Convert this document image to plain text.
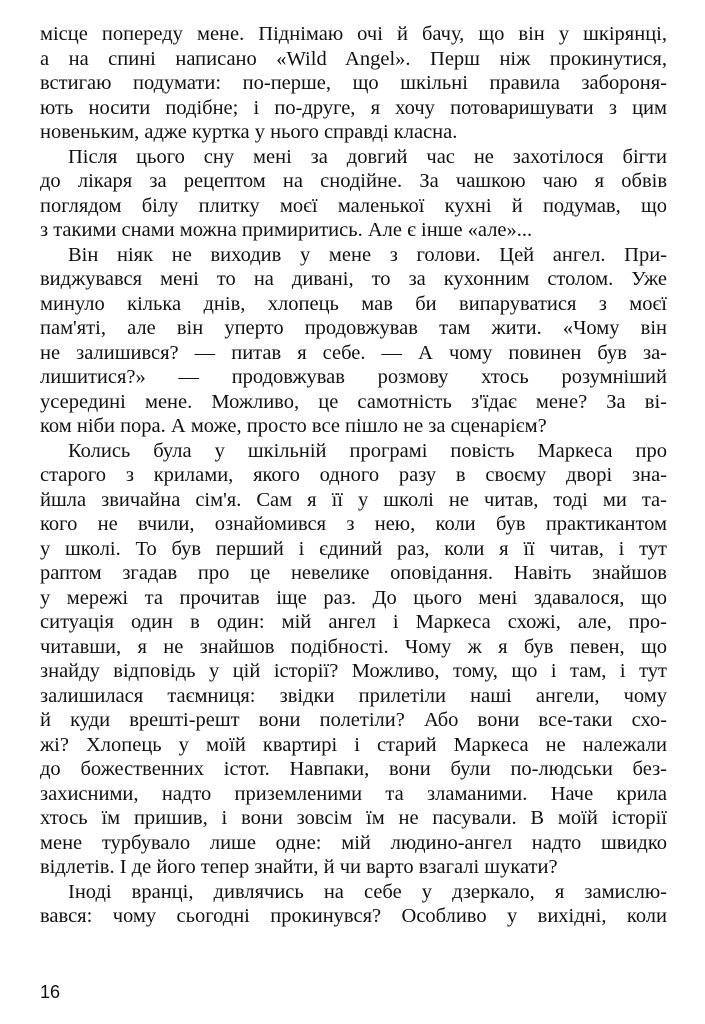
місце попереду мене. Піднімаю очі й бачу, що він у шкірянці,
а на спині написано «Wild Angel». Перш ніж прокинутися,
встигаю подумати: по-перше, що шкільні правила забороня-
ють носити подібне; і по-друге, я хочу потоваришувати з цим
новеньким, адже куртка у нього справді класна.
Після цього сну мені за довгий час не захотілося бігти
до лікаря за рецептом на снодійне. За чашкою чаю я обвів
поглядом білу плитку моєї маленької кухні й подумав, що
з такими снами можна примиритись. Але є інше «але»...
Він ніяк не виходив у мене з голови. Цей ангел. При-
виджувався мені то на дивані, то за кухонним столом. Уже
минуло кілька днів, хлопець мав би випаруватися з моєї
пам'яті, але він уперто продовжував там жити. «Чому він
не залишився? — питав я себе. — А чому повинен був за-
лишитися?» — продовжував розмову хтось розумніший
усередині мене. Можливо, це самотність з'їдає мене? За ві-
ком ніби пора. А може, просто все пішло не за сценарієм?
Колись була у шкільній програмі повість Маркеса про
старого з крилами, якого одного разу в своєму дворі зна-
йшла звичайна сім'я. Сам я її у школі не читав, тоді ми та-
кого не вчили, ознайомився з нею, коли був практикантом
у школі. То був перший і єдиний раз, коли я її читав, і тут
раптом згадав про це невелике оповідання. Навіть знайшов
у мережі та прочитав іще раз. До цього мені здавалося, що
ситуація один в один: мій ангел і Маркеса схожі, але, про-
читавши, я не знайшов подібності. Чому ж я був певен, що
знайду відповідь у цій історії? Можливо, тому, що і там, і тут
залишилася таємниця: звідки прилетіли наші ангели, чому
й куди врешті-решт вони полетіли? Або вони все-таки схо-
жі? Хлопець у моїй квартирі і старий Маркеса не належали
до божественних істот. Навпаки, вони були по-людськи без-
захисними, надто приземленими та зламаними. Наче крила
хтось їм пришив, і вони зовсім їм не пасували. В моїй історії
мене турбувало лише одне: мій людино-ангел надто швидко
відлетів. І де його тепер знайти, й чи варто взагалі шукати?
Іноді вранці, дивлячись на себе у дзеркало, я замислю-
вався: чому сьогодні прокинувся? Особливо у вихідні, коли
16
